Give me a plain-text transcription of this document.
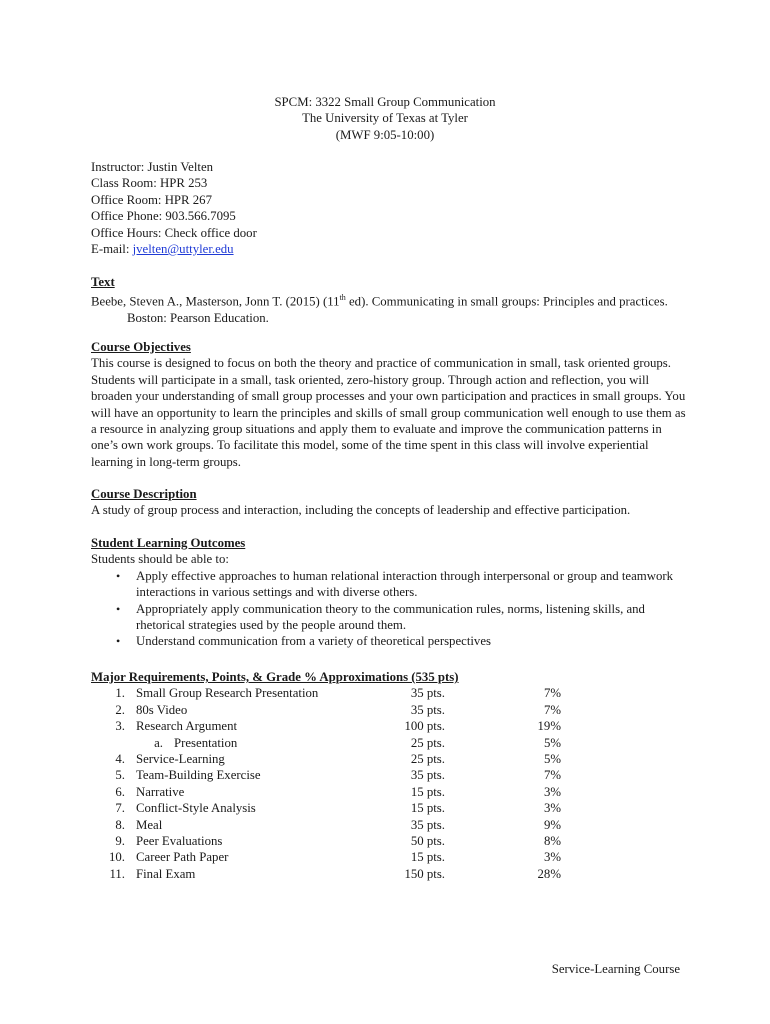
SPCM: 3322 Small Group Communication
The University of Texas at Tyler
(MWF 9:05-10:00)
Instructor: Justin Velten
Class Room: HPR 253
Office Room: HPR 267
Office Phone: 903.566.7095
Office Hours: Check office door
E-mail: jvelten@uttyler.edu
Text
Beebe, Steven A., Masterson, Jonn T. (2015) (11th ed). Communicating in small groups: Principles and practices. Boston: Pearson Education.
Course Objectives
This course is designed to focus on both the theory and practice of communication in small, task oriented groups. Students will participate in a small, task oriented, zero-history group. Through action and reflection, you will broaden your understanding of small group processes and your own participation and practices in small groups. You will have an opportunity to learn the principles and skills of small group communication well enough to use them as a resource in analyzing group situations and apply them to evaluate and improve the communication patterns in one’s own work groups. To facilitate this model, some of the time spent in this class will involve experiential learning in long-term groups.
Course Description
A study of group process and interaction, including the concepts of leadership and effective participation.
Student Learning Outcomes
Students should be able to:
• Apply effective approaches to human relational interaction through interpersonal or group and teamwork interactions in various settings and with diverse others.
• Appropriately apply communication theory to the communication rules, norms, listening skills, and rhetorical strategies used by the people around them.
• Understand communication from a variety of theoretical perspectives
Major Requirements, Points, & Grade % Approximations (535 pts)
1. Small Group Research Presentation	35 pts.	7%
2. 80s Video	35 pts.	7%
3. Research Argument	100 pts.	19%
a. Presentation	25 pts.	5%
4. Service-Learning	25 pts.	5%
5. Team-Building Exercise	35 pts.	7%
6. Narrative	15 pts.	3%
7. Conflict-Style Analysis	15 pts.	3%
8. Meal	35 pts.	9%
9. Peer Evaluations	50 pts.	8%
10. Career Path Paper	15 pts.	3%
11. Final Exam	150 pts.	28%
Service-Learning Course
